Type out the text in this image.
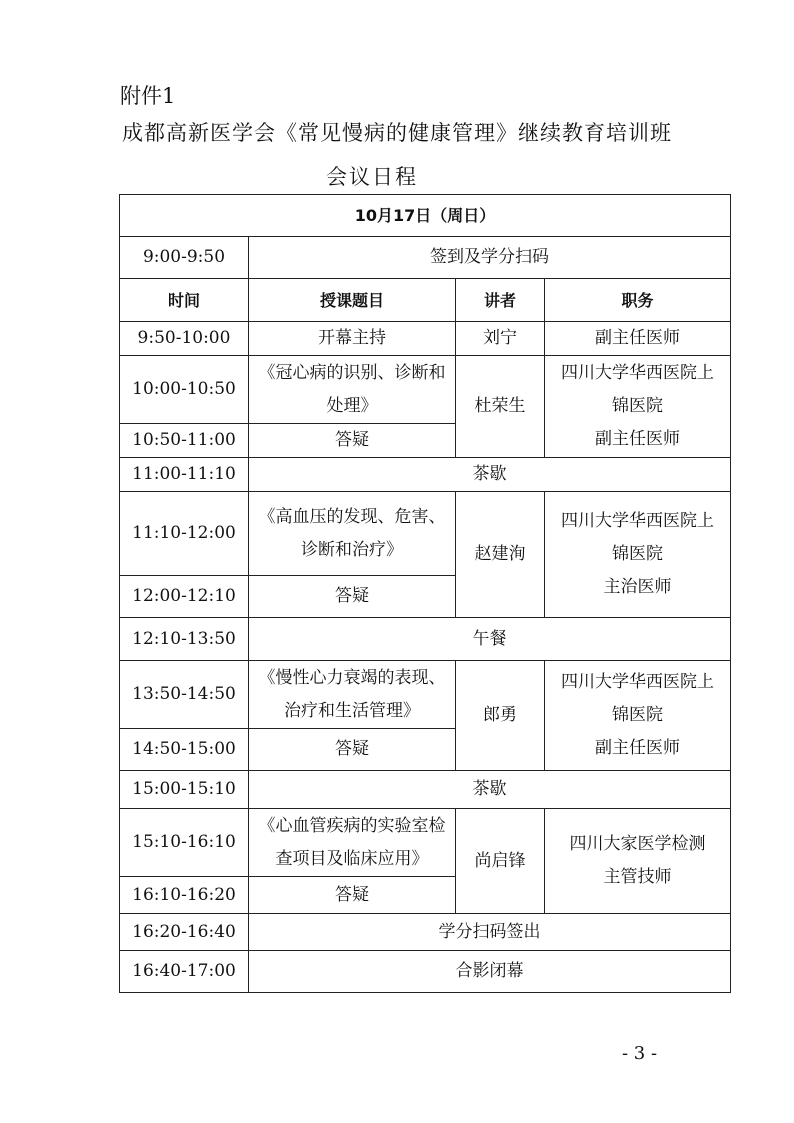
附件1
成都高新医学会《常见慢病的健康管理》继续教育培训班
会议日程
10月17日（周日）			
9:00-9:50	签到及学分扫码		
时间	授课题目	讲者	职务
9:50-10:00	开幕主持	刘宁	副主任医师
10:00-10:50	《冠心病的识别、诊断和处理》	杜荣生	四川大学华西医院上
锦医院
副主任医师

10:50-11:00	答疑		
11:00-11:10	茶歇		
11:10-12:00	《高血压的发现、危害、诊断和治疗》	赵建洵	四川大学华西医院上
锦医院
主治医师

12:00-12:10	答疑		
12:10-13:50	午餐		
13:50-14:50	《慢性心力衰竭的表现、治疗和生活管理》	郎勇	四川大学华西医院上
锦医院
副主任医师

14:50-15:00	答疑		
15:00-15:10	茶歇		
15:10-16:10	《心血管疾病的实验室检查项目及临床应用》	尚启锋	四川大家医学检测
主管技师

16:10-16:20	答疑		
16:20-16:40	学分扫码签出		
16:40-17:00	合影闭幕		
- 3 -
